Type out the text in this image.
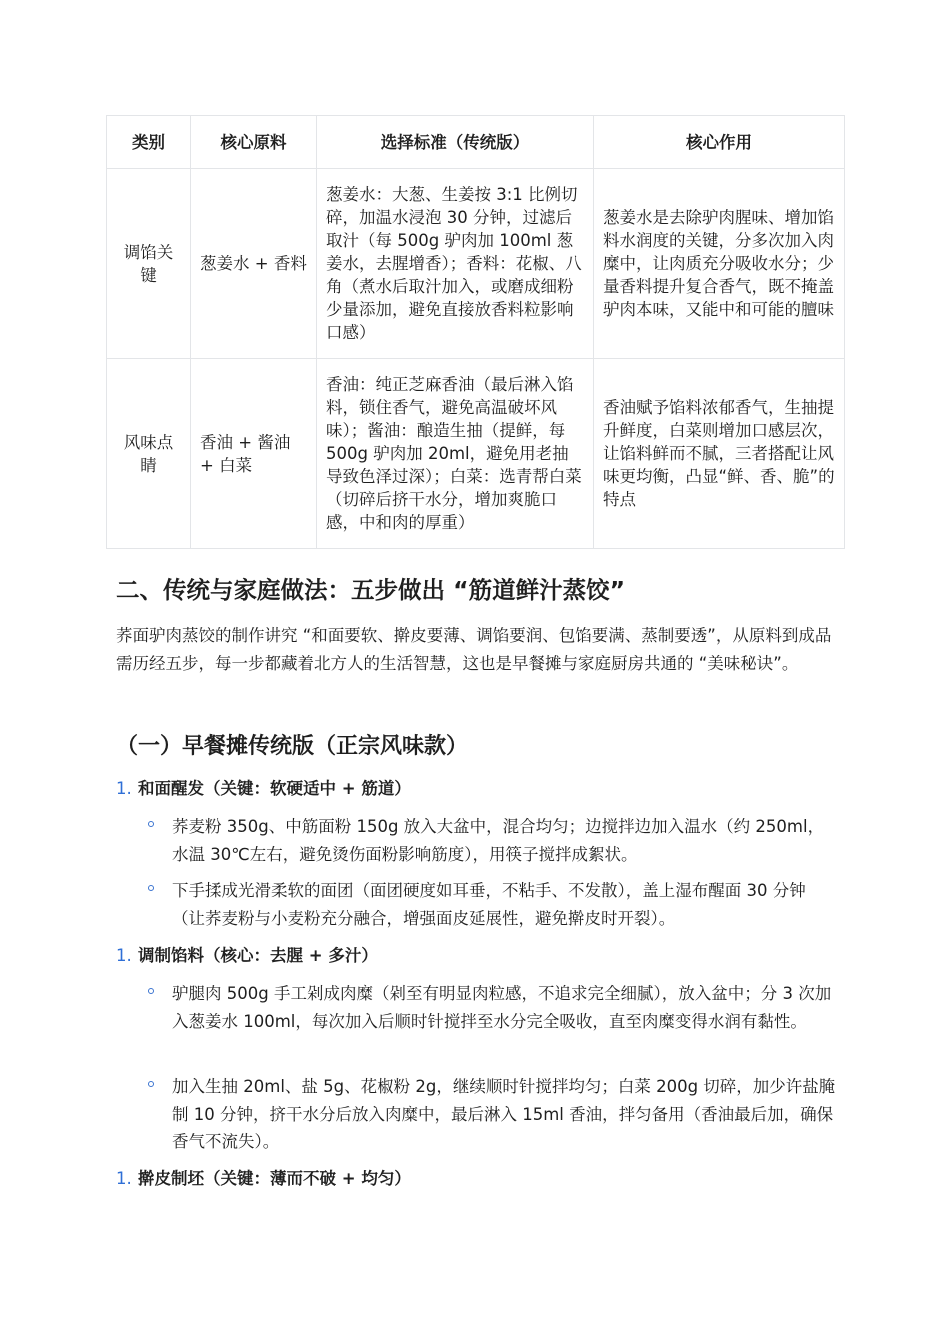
类别	核心原料	选择标准（传统版）	核心作用
调馅关键	葱姜水 + 香料	葱姜水：大葱、生姜按 3:1 比例切碎，加温水浸泡 30 分钟，过滤后取汁（每 500g 驴肉加 100ml 葱姜水，去腥增香）；香料：花椒、八角（煮水后取汁加入，或磨成细粉少量添加，避免直接放香料粒影响口感）	葱姜水是去除驴肉腥味、增加馅料水润度的关键，分多次加入肉糜中，让肉质充分吸收水分；少量香料提升复合香气，既不掩盖驴肉本味，又能中和可能的膻味
风味点睛	香油 + 酱油 + 白菜	香油：纯正芝麻香油（最后淋入馅料，锁住香气，避免高温破坏风味）；酱油：酿造生抽（提鲜，每 500g 驴肉加 20ml，避免用老抽导致色泽过深）；白菜：选青帮白菜（切碎后挤干水分，增加爽脆口感，中和肉的厚重）	香油赋予馅料浓郁香气，生抽提升鲜度，白菜则增加口感层次，让馅料鲜而不腻，三者搭配让风味更均衡，凸显“鲜、香、脆”的特点
二、传统与家庭做法：五步做出 “筋道鲜汁蒸饺”

荞面驴肉蒸饺的制作讲究 “和面要软、擀皮要薄、调馅要润、包馅要满、蒸制要透”，从原料到成品需历经五步，每一步都藏着北方人的生活智慧，这也是早餐摊与家庭厨房共通的 “美味秘诀”。

（一）早餐摊传统版（正宗风味款）
1. 和面醒发（关键：软硬适中 + 筋道）
荞麦粉 350g、中筋面粉 150g 放入大盆中，混合均匀；边搅拌边加入温水（约 250ml，水温 30℃左右，避免烫伤面粉影响筋度），用筷子搅拌成絮状。
下手揉成光滑柔软的面团（面团硬度如耳垂，不粘手、不发散），盖上湿布醒面 30 分钟（让荞麦粉与小麦粉充分融合，增强面皮延展性，避免擀皮时开裂）。
1. 调制馅料（核心：去腥 + 多汁）
驴腿肉 500g 手工剁成肉糜（剁至有明显肉粒感，不追求完全细腻），放入盆中；分 3 次加入葱姜水 100ml，每次加入后顺时针搅拌至水分完全吸收，直至肉糜变得水润有黏性。
加入生抽 20ml、盐 5g、花椒粉 2g，继续顺时针搅拌均匀；白菜 200g 切碎，加少许盐腌制 10 分钟，挤干水分后放入肉糜中，最后淋入 15ml 香油，拌匀备用（香油最后加，确保香气不流失）。
1. 擀皮制坯（关键：薄而不破 + 均匀）
